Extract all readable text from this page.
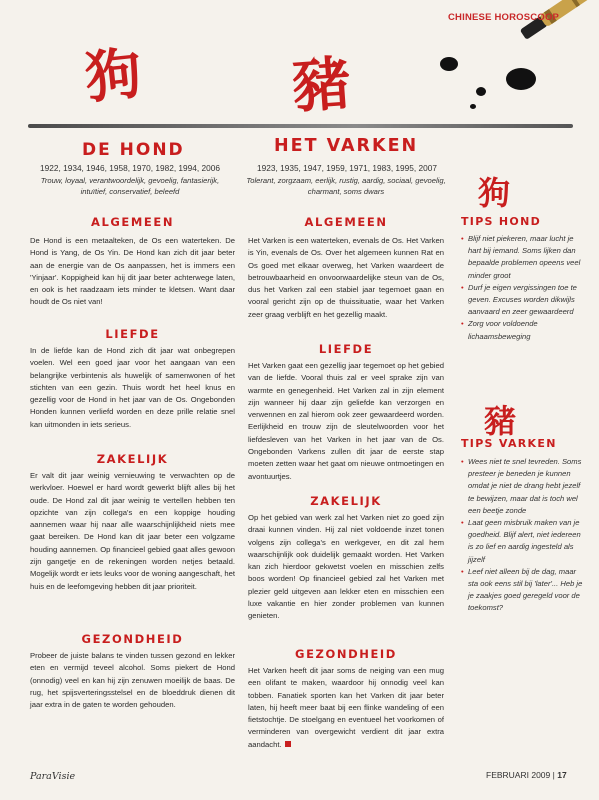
CHINESE HOROSCOOP
狗	豬
DE HOND	HET VARKEN
1922, 1934, 1946, 1958, 1970, 1982, 1994, 2006
Trouw, loyaal, verantwoordelijk, gevoelig, fantasierijk, intuïtief, conservatief, beleefd
1923, 1935, 1947, 1959, 1971, 1983, 1995, 2007
Tolerant, zorgzaam, eerlijk, rustig, aardig, sociaal, gevoelig, charmant, soms dwars
ALGEMEEN
De Hond is een metaalteken, de Os een waterteken. De Hond is Yang, de Os Yin. De Hond kan zich dit jaar beter aan de energie van de Os aanpassen, het is immers een 'Yinjaar'. Koppigheid kan hij dit jaar beter achterwege laten, en ook is het raadzaam iets minder te kletsen. Want daar houdt de Os niet van!
LIEFDE
In de liefde kan de Hond zich dit jaar wat onbegrepen voelen. Wel een goed jaar voor het aangaan van een belangrijke verbintenis als huwelijk of samenwonen of het stichten van een gezin. Thuis wordt het heel knus en gezellig voor de Hond in het jaar van de Os. Ongebonden Honden kunnen verliefd worden en deze prille relatie snel kan uitmonden in iets serieus.
ZAKELIJK
Er valt dit jaar weinig vernieuwing te verwachten op de werkvloer. Hoewel er hard wordt gewerkt blijft alles bij het oude. De Hond zal dit jaar weinig te vertellen hebben ten opzichte van zijn collega's en een koppige houding aannemen waar hij naar alle waarschijnlijkheid niets mee gaat bereiken. De Hond kan dit jaar beter een volgzame houding aannemen. Op financieel gebied gaat alles gewoon zijn gangetje en de rekeningen worden netjes betaald. Mogelijk wordt er iets leuks voor de woning aangeschaft, het huis en de leefomgeving hebben dit jaar prioriteit.
GEZONDHEID
Probeer de juiste balans te vinden tussen gezond en lekker eten en vermijd teveel alcohol. Soms piekert de Hond (onnodig) veel en kan hij zijn zenuwen moeilijk de baas. De rug, het spijsverteringsstelsel en de bloeddruk dienen dit jaar extra in de gaten te worden gehouden.
ALGEMEEN
Het Varken is een waterteken, evenals de Os. Het Varken is Yin, evenals de Os. Over het algemeen kunnen Rat en Os goed met elkaar overweg, het Varken waardeert de betrouwbaarheid en onvoorwaardelijke steun van de Os, dus het Varken zal een stabiel jaar tegemoet gaan en vooral gericht zijn op de thuissituatie, waar het Varken zeer graag verblijft en het gezellig maakt.
LIEFDE
Het Varken gaat een gezellig jaar tegemoet op het gebied van de liefde. Vooral thuis zal er veel sprake zijn van warmte en genegenheid. Het Varken zal in zijn element zijn wanneer hij daar zijn geliefde kan verzorgen en verwennen en zal hierom ook zeer gewaardeerd worden. Eerlijkheid en trouw zijn de sleutelwoorden voor het liefdesleven van het Varken in het jaar van de Os. Ongebonden Varkens zullen dit jaar de eerste stap moeten zetten waar het gaat om nieuwe ontmoetingen en avontuurtjes.
ZAKELIJK
Op het gebied van werk zal het Varken niet zo goed zijn draai kunnen vinden. Hij zal niet voldoende inzet tonen volgens zijn collega's en werkgever, en dit zal hem waarschijnlijk ook duidelijk gemaakt worden. Het Varken kan zich hierdoor gekwetst voelen en misschien zelfs boos worden! Op financieel gebied zal het Varken met plezier geld uitgeven aan lekker eten en misschien een luxe vakantie en hier zonder problemen van kunnen genieten.
GEZONDHEID
Het Varken heeft dit jaar soms de neiging van een mug een olifant te maken, waardoor hij onnodig veel kan tobben. Fanatiek sporten kan het Varken dit jaar beter laten, hij heeft meer baat bij een flinke wandeling of een fietstochtje. De stoelgang en eventueel het voorkomen of verminderen van overgewicht verdient dit jaar extra aandacht.
狗
TIPS HOND
• Blijf niet piekeren, maar lucht je hart bij iemand. Soms lijken dan bepaalde problemen opeens veel minder groot
• Durf je eigen vergissingen toe te geven. Excuses worden dikwijls aanvaard en zeer gewaardeerd
• Zorg voor voldoende lichaamsbeweging
豬
TIPS VARKEN
• Wees niet te snel tevreden. Soms presteer je beneden je kunnen omdat je niet de drang hebt jezelf te bewijzen, maar dat is toch wel een beetje zonde
• Laat geen misbruik maken van je goedheid. Blijf alert, niet iedereen is zo lief en aardig ingesteld als jijzelf
• Leef niet alleen bij de dag, maar sta ook eens stil bij 'later'... Heb je je zaakjes goed geregeld voor de toekomst?
ParaVisie	FEBRUARI 2009 | 17
